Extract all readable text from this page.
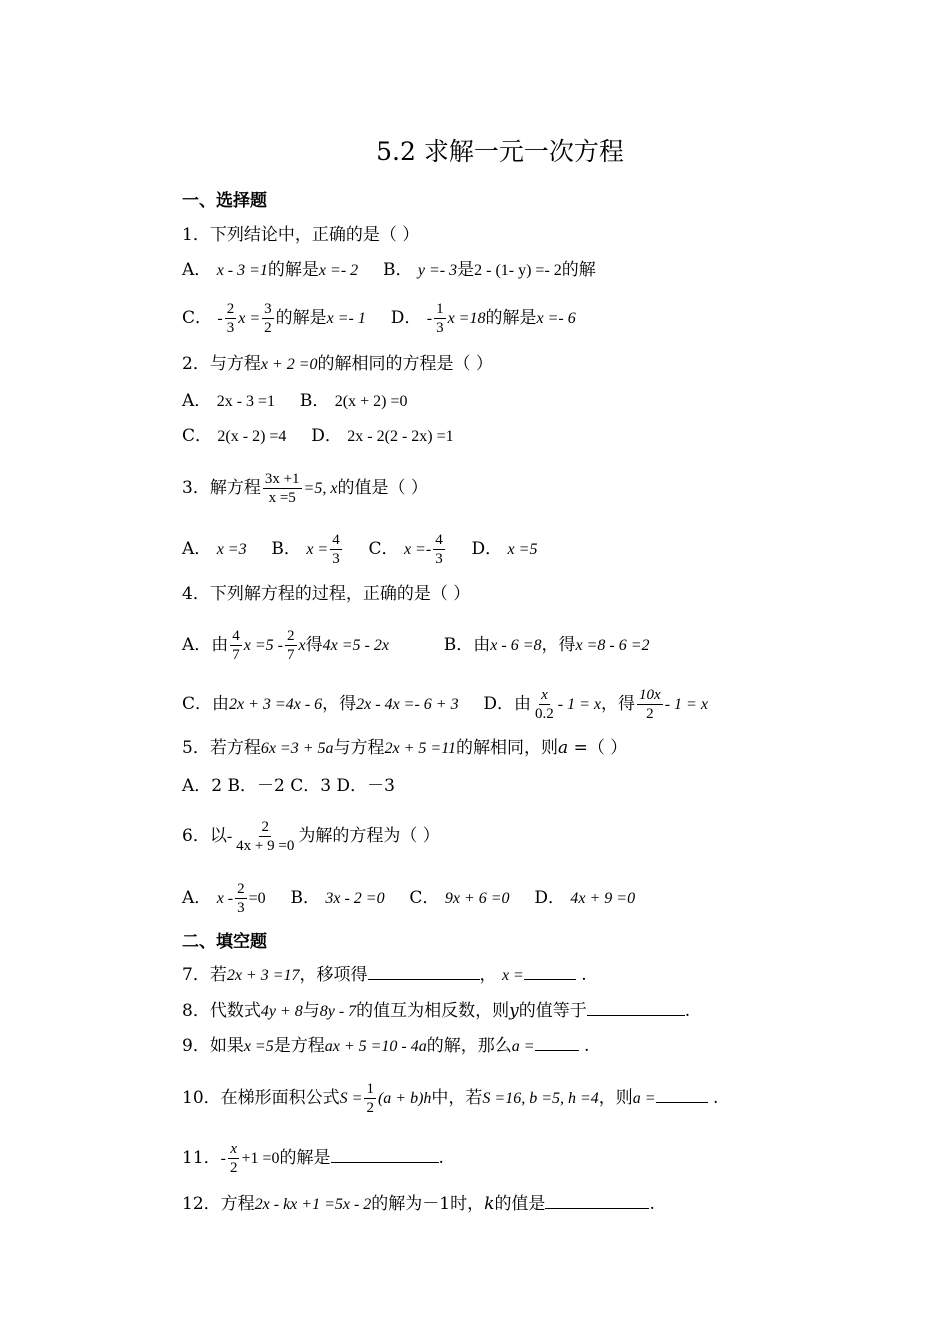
5.2 求解一元一次方程
一、选择题
1．下列结论中，正确的是（ ）
A． x - 3 =1的解是x =- 2 B． y =- 3是2 - (1- y) =- 2的解
C． - $\frac{2}{3}$ $x = \frac{3}{2}$ 的解是x =- 1 D． - $\frac{1}{3}$ x =18的解是x =- 6
2．与方程x + 2 =0的解相同的方程是（ ）
A． 2x - 3 =1 B． 2(x + 2) =0
C． 2(x - 2) =4 D． 2x - 2(2 - 2x) =1
3．解方程 $\frac{3x +1}{x =5} =5$, x的值是（ ）
A． x =3 B． $x = \frac{4}{3}$ C． $x =- \frac{4}{3}$ D． x =5
4．下列解方程的过程，正确的是（ ）
A．由 $\frac{4}{7}$ $x =5 - \frac{2}{7}$ x得4x =5 - 2x	B．由x - 6 =8，得x =8 - 6 =2
C．由2x + 3 =4x - 6，得2x - 4x =- 6 + 3 D．由 $\frac{x}{0.2} - 1 = x$，得 $\frac{10x}{2} - 1 = x$
5．若方程6x =3 + 5a与方程2x + 5 =11的解相同，则a =（ ）
A．2 B．－2 C．3 D．－3
6．以- $\frac{2}{4x + 9 =0}$ 为解的方程为（ ）
A． $x - \frac{2}{3} =0$ B． 3x - 2 =0 C． 9x + 6 =0 D． 4x + 9 =0
二、填空题
7．若2x + 3 =17，移项得	， x =	.
8．代数式4y + 8与8y - 7的值互为相反数，则y的值等于	.
9．如果x =5是方程ax + 5 =10 - 4a的解，那么a =	.
10．在梯形面积公式$S = \frac{1}{2} (a + b)h$中，若S =16, b =5, h =4，则a =	.
11．- $\frac{x}{2} +1 =0$的解是	.
12．方程2x - kx +1 =5x - 2的解为－1时，k的值是	.
